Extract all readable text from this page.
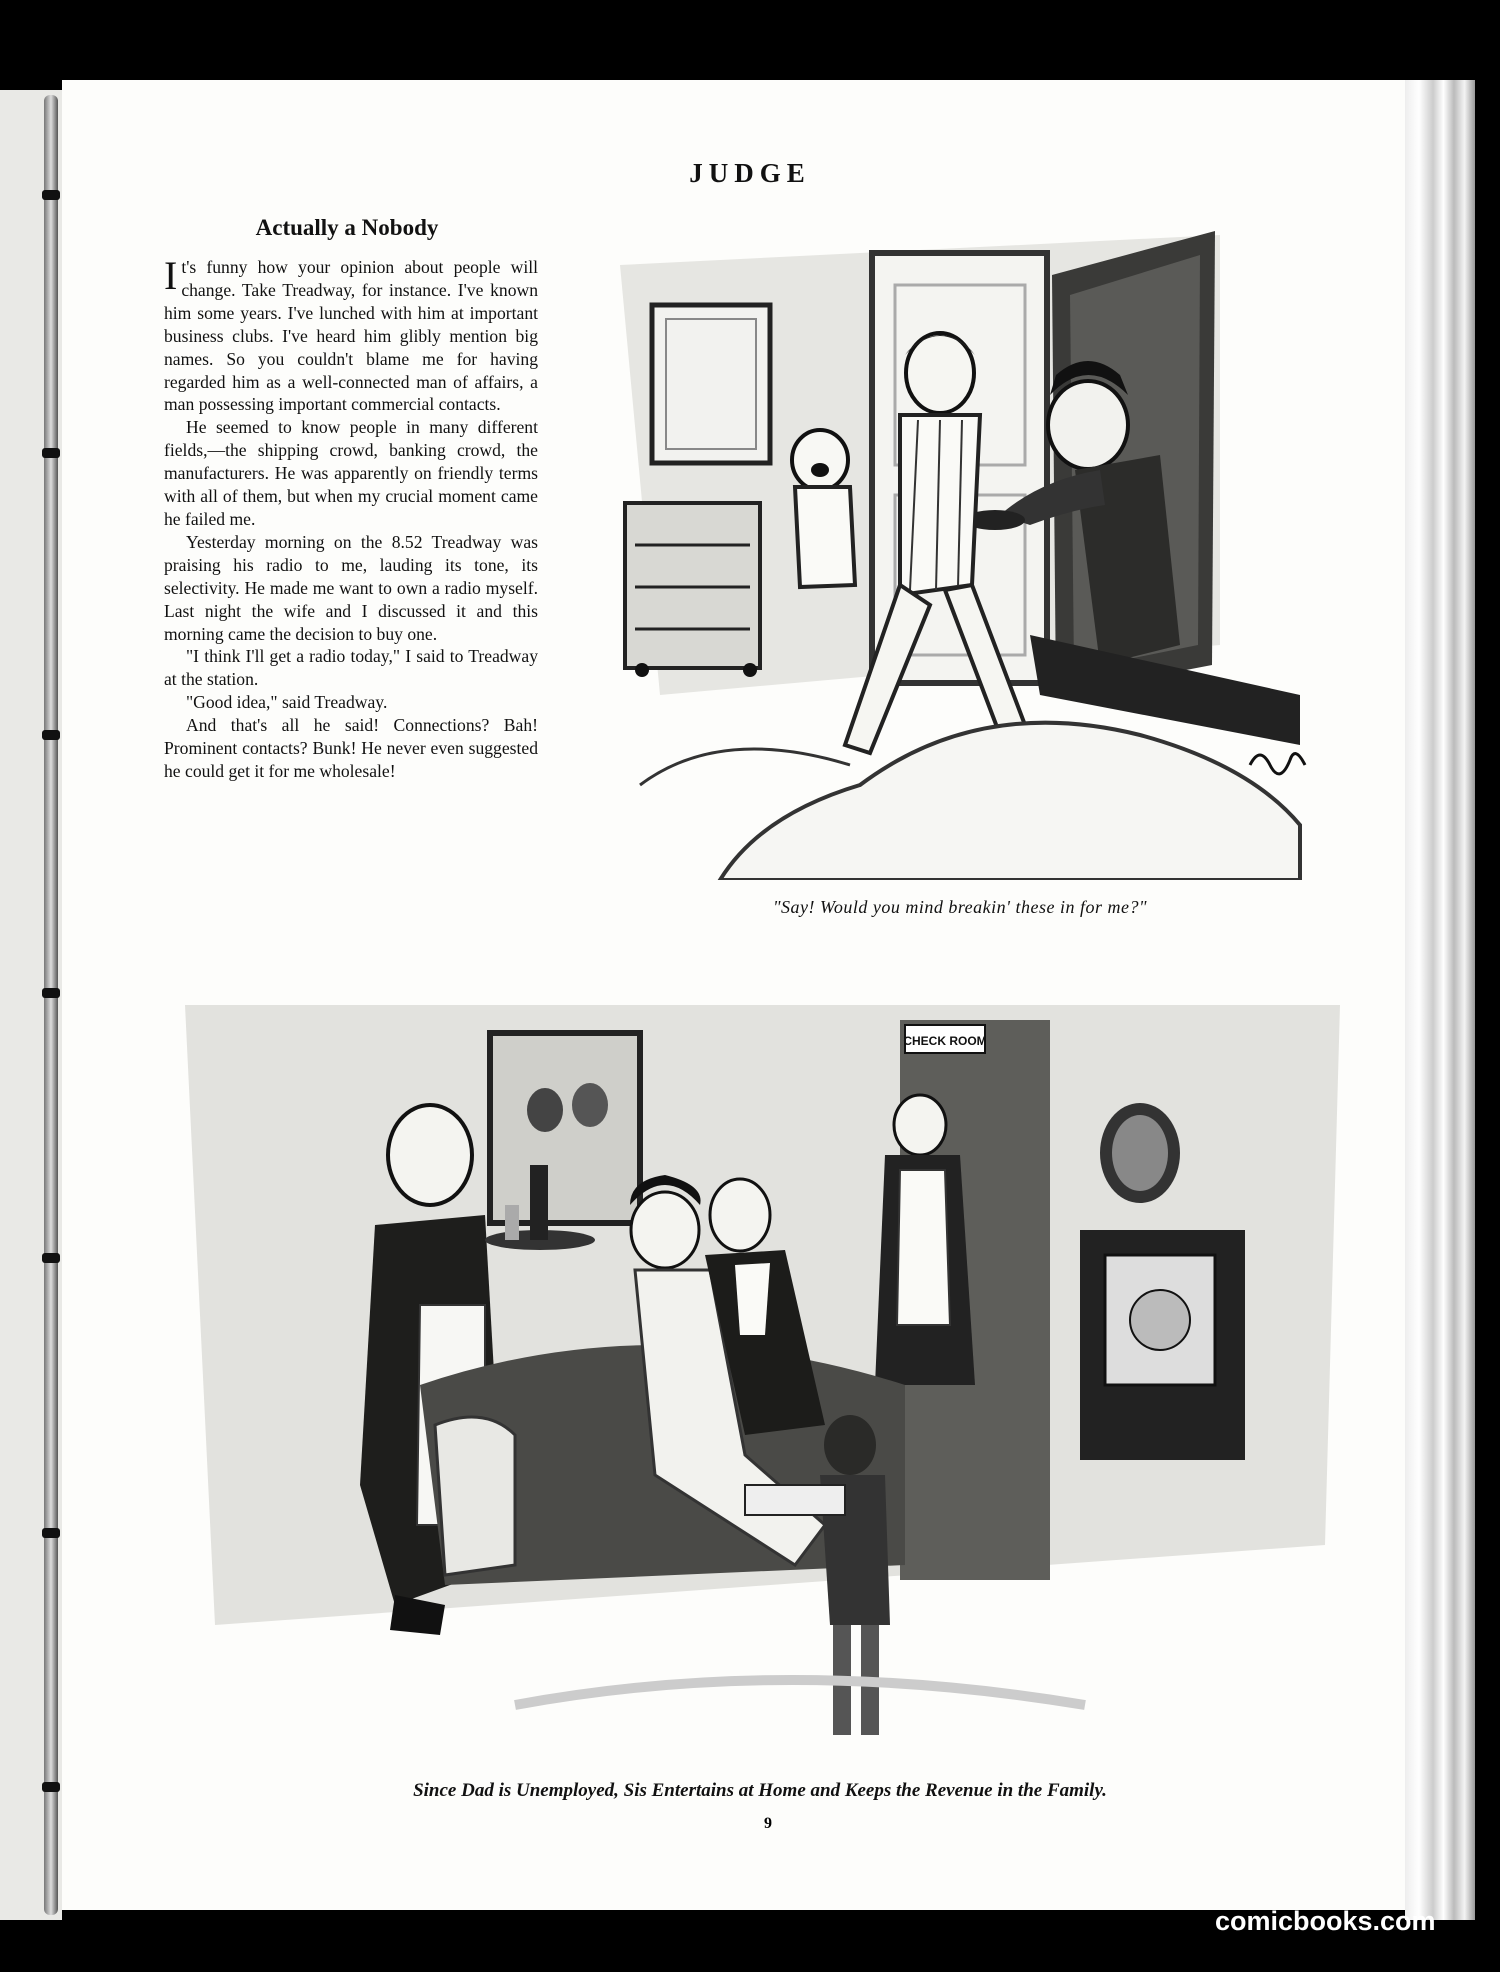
JUDGE
Actually a Nobody

It's funny how your opinion about people will change. Take Treadway, for instance. I've known him some years. I've lunched with him at important business clubs. I've heard him glibly mention big names. So you couldn't blame me for having regarded him as a well-connected man of affairs, a man possessing important commercial contacts.

He seemed to know people in many different fields,—the shipping crowd, banking crowd, the manufacturers. He was apparently on friendly terms with all of them, but when my crucial moment came he failed me.

Yesterday morning on the 8.52 Treadway was praising his radio to me, lauding its tone, its selectivity. He made me want to own a radio myself. Last night the wife and I discussed it and this morning came the decision to buy one.

"I think I'll get a radio today," I said to Treadway at the station.

"Good idea," said Treadway.

And that's all he said! Connections? Bah! Prominent contacts? Bunk! He never even suggested he could get it for me wholesale!

"Say! Would you mind breakin' these in for me?"
CHECK ROOM
Since Dad is Unemployed, Sis Entertains at Home and Keeps the Revenue in the Family.
9
comicbooks.com
